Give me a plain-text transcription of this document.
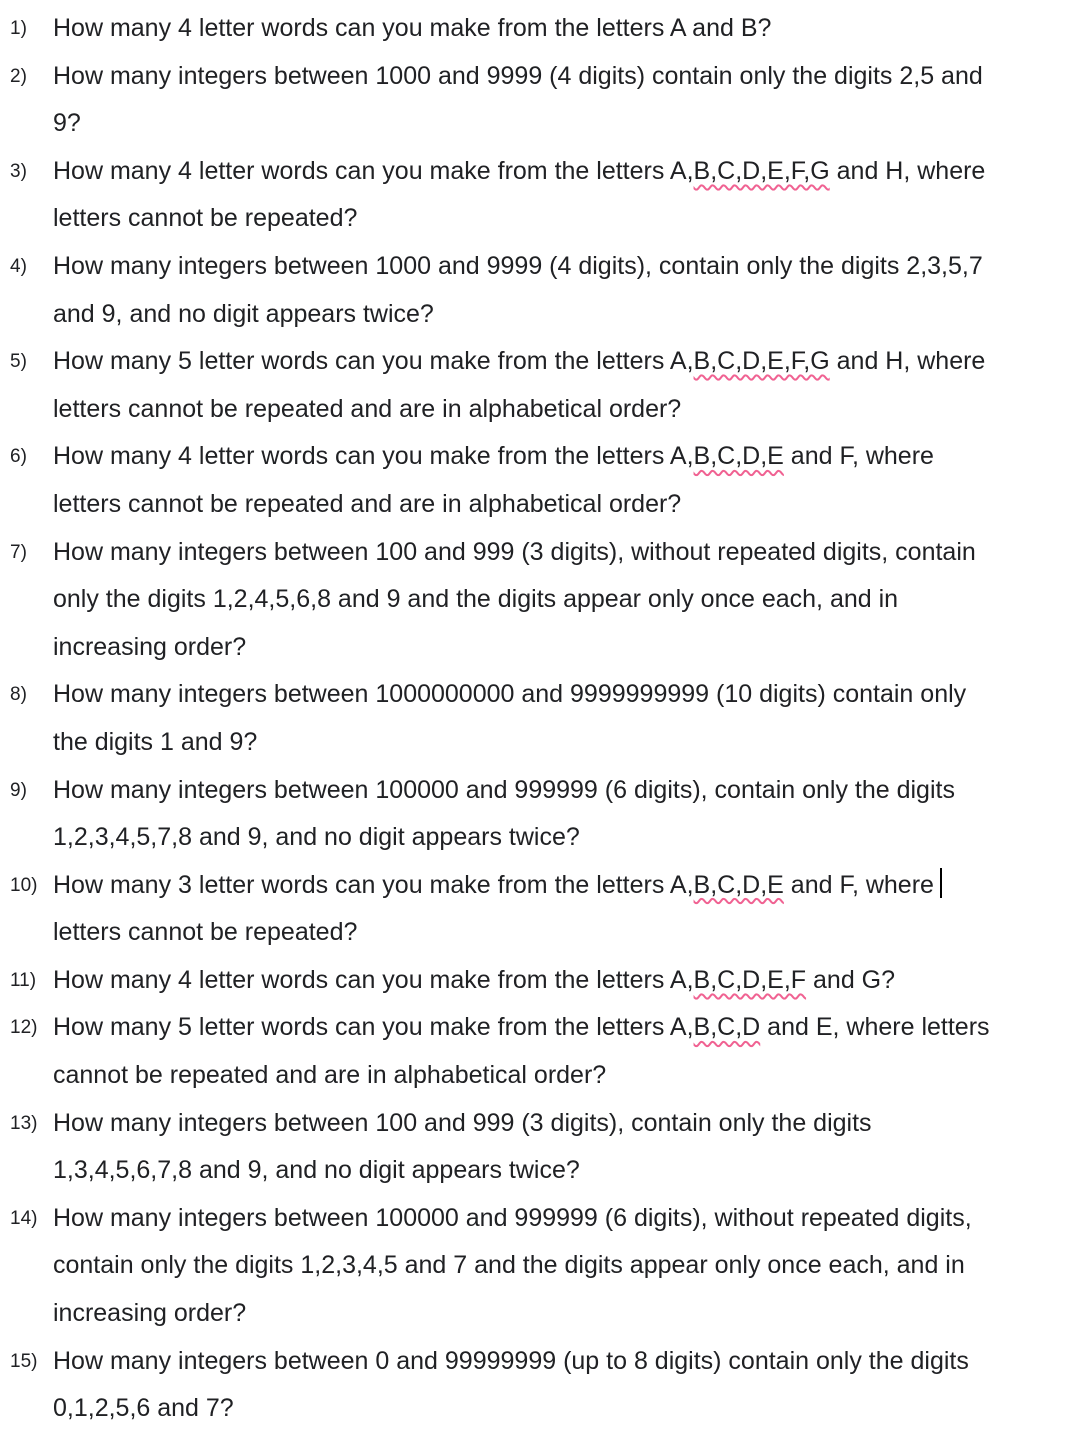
1) How many 4 letter words can you make from the letters A and B?
2) How many integers between 1000 and 9999 (4 digits) contain only the digits 2,5 and
9?
3) How many 4 letter words can you make from the letters A,B,C,D,E,F,G and H, where
letters cannot be repeated?
4) How many integers between 1000 and 9999 (4 digits), contain only the digits 2,3,5,7
and 9, and no digit appears twice?
5) How many 5 letter words can you make from the letters A,B,C,D,E,F,G and H, where
letters cannot be repeated and are in alphabetical order?
6) How many 4 letter words can you make from the letters A,B,C,D,E and F, where
letters cannot be repeated and are in alphabetical order?
7) How many integers between 100 and 999 (3 digits), without repeated digits, contain
only the digits 1,2,4,5,6,8 and 9 and the digits appear only once each, and in
increasing order?
8) How many integers between 1000000000 and 9999999999 (10 digits) contain only
the digits 1 and 9?
9) How many integers between 100000 and 999999 (6 digits), contain only the digits
1,2,3,4,5,7,8 and 9, and no digit appears twice?
10) How many 3 letter words can you make from the letters A,B,C,D,E and F, where
letters cannot be repeated?
11) How many 4 letter words can you make from the letters A,B,C,D,E,F and G?
12) How many 5 letter words can you make from the letters A,B,C,D and E, where letters
cannot be repeated and are in alphabetical order?
13) How many integers between 100 and 999 (3 digits), contain only the digits
1,3,4,5,6,7,8 and 9, and no digit appears twice?
14) How many integers between 100000 and 999999 (6 digits), without repeated digits,
contain only the digits 1,2,3,4,5 and 7 and the digits appear only once each, and in
increasing order?
15) How many integers between 0 and 99999999 (up to 8 digits) contain only the digits
0,1,2,5,6 and 7?
